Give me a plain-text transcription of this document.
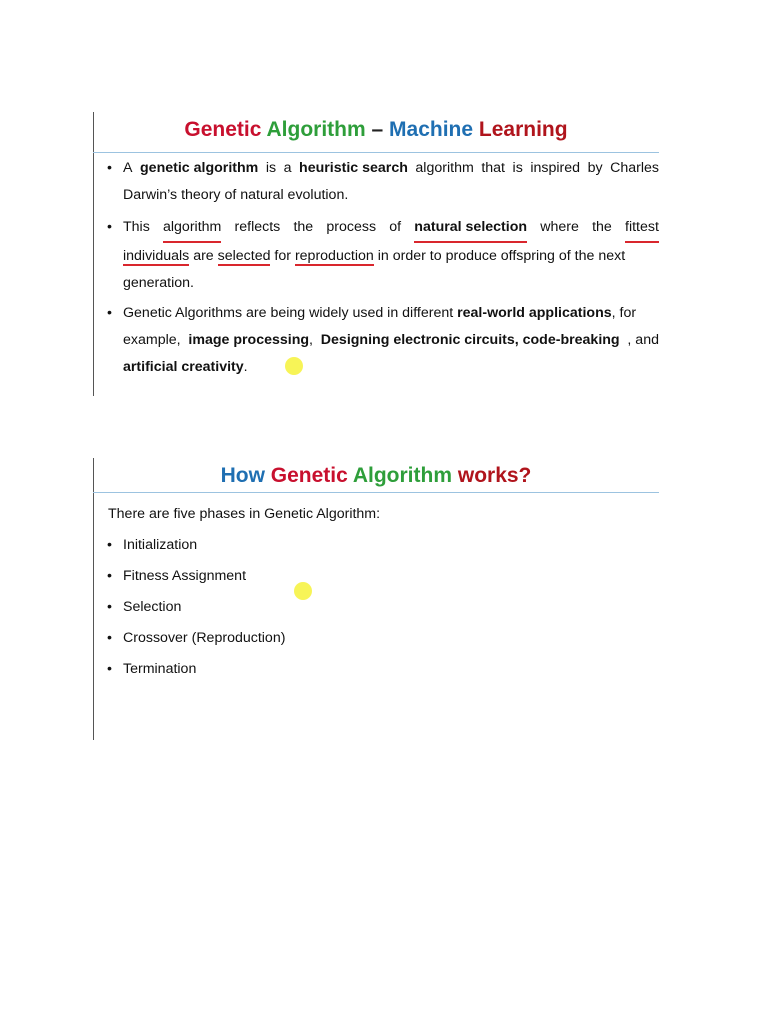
Genetic Algorithm – Machine Learning
• A genetic algorithm is a heuristic search algorithm that is inspired by Charles
Darwin’s theory of natural evolution.
• This algorithm reflects the process of natural selection where the fittest
individuals are selected for reproduction in order to produce offspring of the next
generation.
• Genetic Algorithms are being widely used in different real-world applications, for
example, image processing, Designing electronic circuits, code-breaking , and
artificial creativity.
How Genetic Algorithm works?
There are five phases in Genetic Algorithm:
• Initialization
• Fitness Assignment
• Selection
• Crossover (Reproduction)
• Termination
